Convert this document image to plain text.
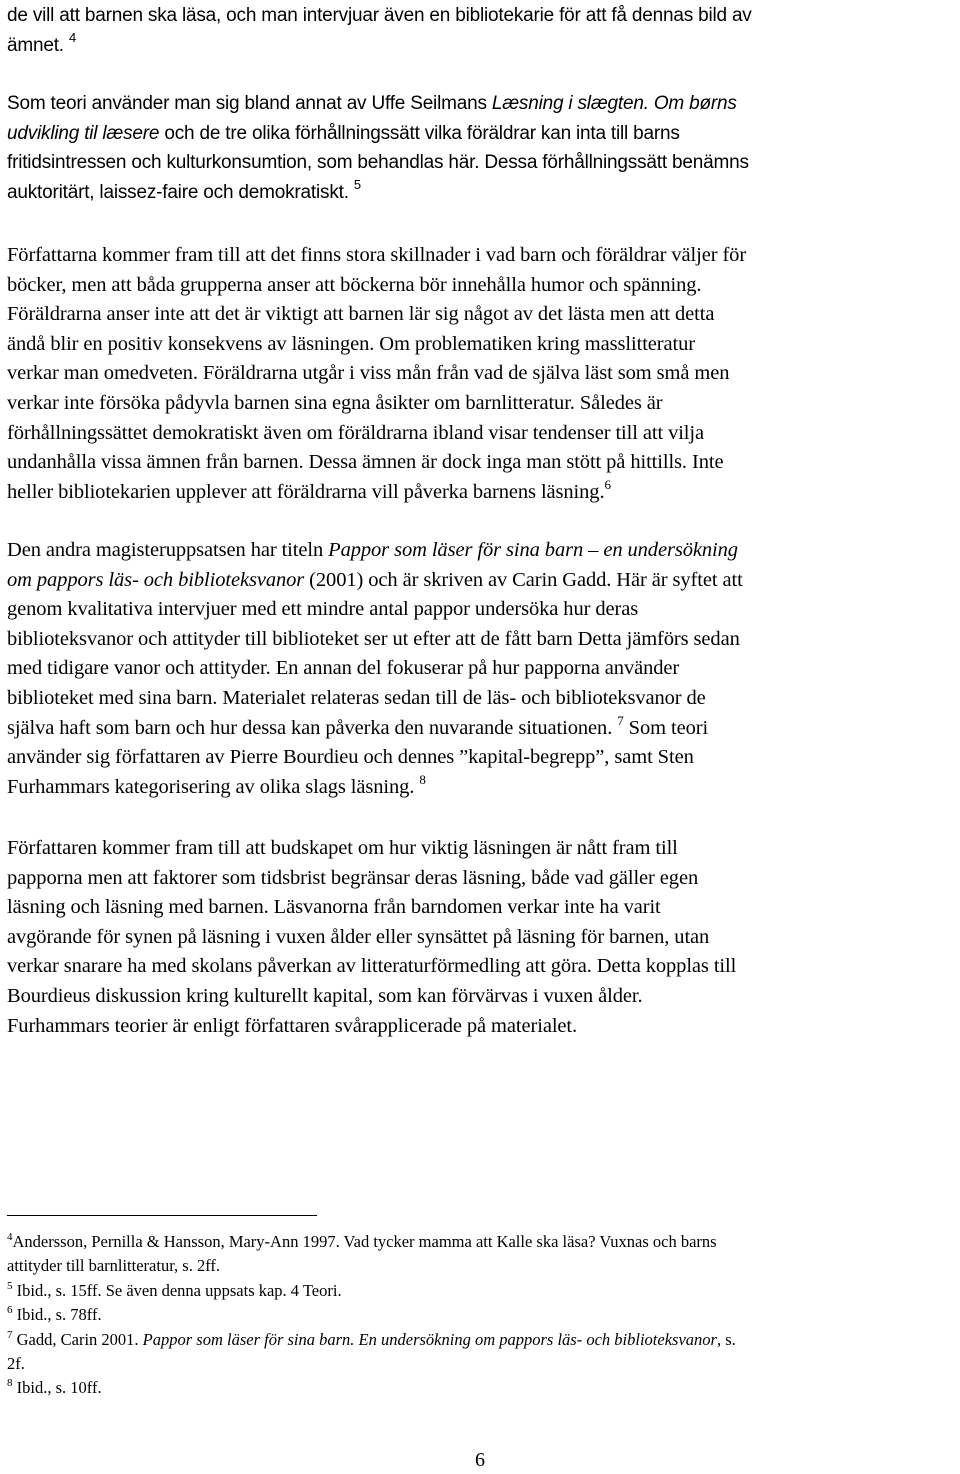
de vill att barnen ska läsa, och man intervjuar även en bibliotekarie för att få dennas bild av
ämnet. $^4$

Som teori använder man sig bland annat av Uffe Seilmans Læsning i slægten. Om børns
udvikling til læsere och de tre olika förhållningssätt vilka föräldrar kan inta till barns
fritidsintressen och kulturkonsumtion, som behandlas här. Dessa förhållningssätt benämns
auktoritärt, laissez-faire och demokratiskt. $^5$

Författarna kommer fram till att det finns stora skillnader i vad barn och föräldrar väljer för
böcker, men att båda grupperna anser att böckerna bör innehålla humor och spänning.
Föräldrarna anser inte att det är viktigt att barnen lär sig något av det lästa men att detta
ändå blir en positiv konsekvens av läsningen. Om problematiken kring masslitteratur
verkar man omedveten. Föräldrarna utgår i viss mån från vad de själva läst som små men
verkar inte försöka pådyvla barnen sina egna åsikter om barnlitteratur. Således är
förhållningssättet demokratiskt även om föräldrarna ibland visar tendenser till att vilja
undanhålla vissa ämnen från barnen. Dessa ämnen är dock inga man stött på hittills. Inte
heller bibliotekarien upplever att föräldrarna vill påverka barnens läsning.$^6$

Den andra magisteruppsatsen har titeln Pappor som läser för sina barn – en undersökning
om pappors läs- och biblioteksvanor (2001) och är skriven av Carin Gadd. Här är syftet att
genom kvalitativa intervjuer med ett mindre antal pappor undersöka hur deras
biblioteksvanor och attityder till biblioteket ser ut efter att de fått barn Detta jämförs sedan
med tidigare vanor och attityder. En annan del fokuserar på hur papporna använder
biblioteket med sina barn. Materialet relateras sedan till de läs- och biblioteksvanor de
själva haft som barn och hur dessa kan påverka den nuvarande situationen. $^7$ Som teori
använder sig författaren av Pierre Bourdieu och dennes ”kapital-begrepp”, samt Sten
Furhammars kategorisering av olika slags läsning. $^8$

Författaren kommer fram till att budskapet om hur viktig läsningen är nått fram till
papporna men att faktorer som tidsbrist begränsar deras läsning, både vad gäller egen
läsning och läsning med barnen. Läsvanorna från barndomen verkar inte ha varit
avgörande för synen på läsning i vuxen ålder eller synsättet på läsning för barnen, utan
verkar snarare ha med skolans påverkan av litteraturförmedling att göra. Detta kopplas till
Bourdieus diskussion kring kulturellt kapital, som kan förvärvas i vuxen ålder.
Furhammars teorier är enligt författaren svårapplicerade på materialet.

$^4$Andersson, Pernilla & Hansson, Mary-Ann 1997. Vad tycker mamma att Kalle ska läsa? Vuxnas och barns
attityder till barnlitteratur, s. 2ff.
$^5$ Ibid., s. 15ff. Se även denna uppsats kap. 4 Teori.
$^6$ Ibid., s. 78ff.
$^7$ Gadd, Carin 2001. Pappor som läser för sina barn. En undersökning om pappors läs- och biblioteksvanor, s.
2f.
$^8$ Ibid., s. 10ff.
6
